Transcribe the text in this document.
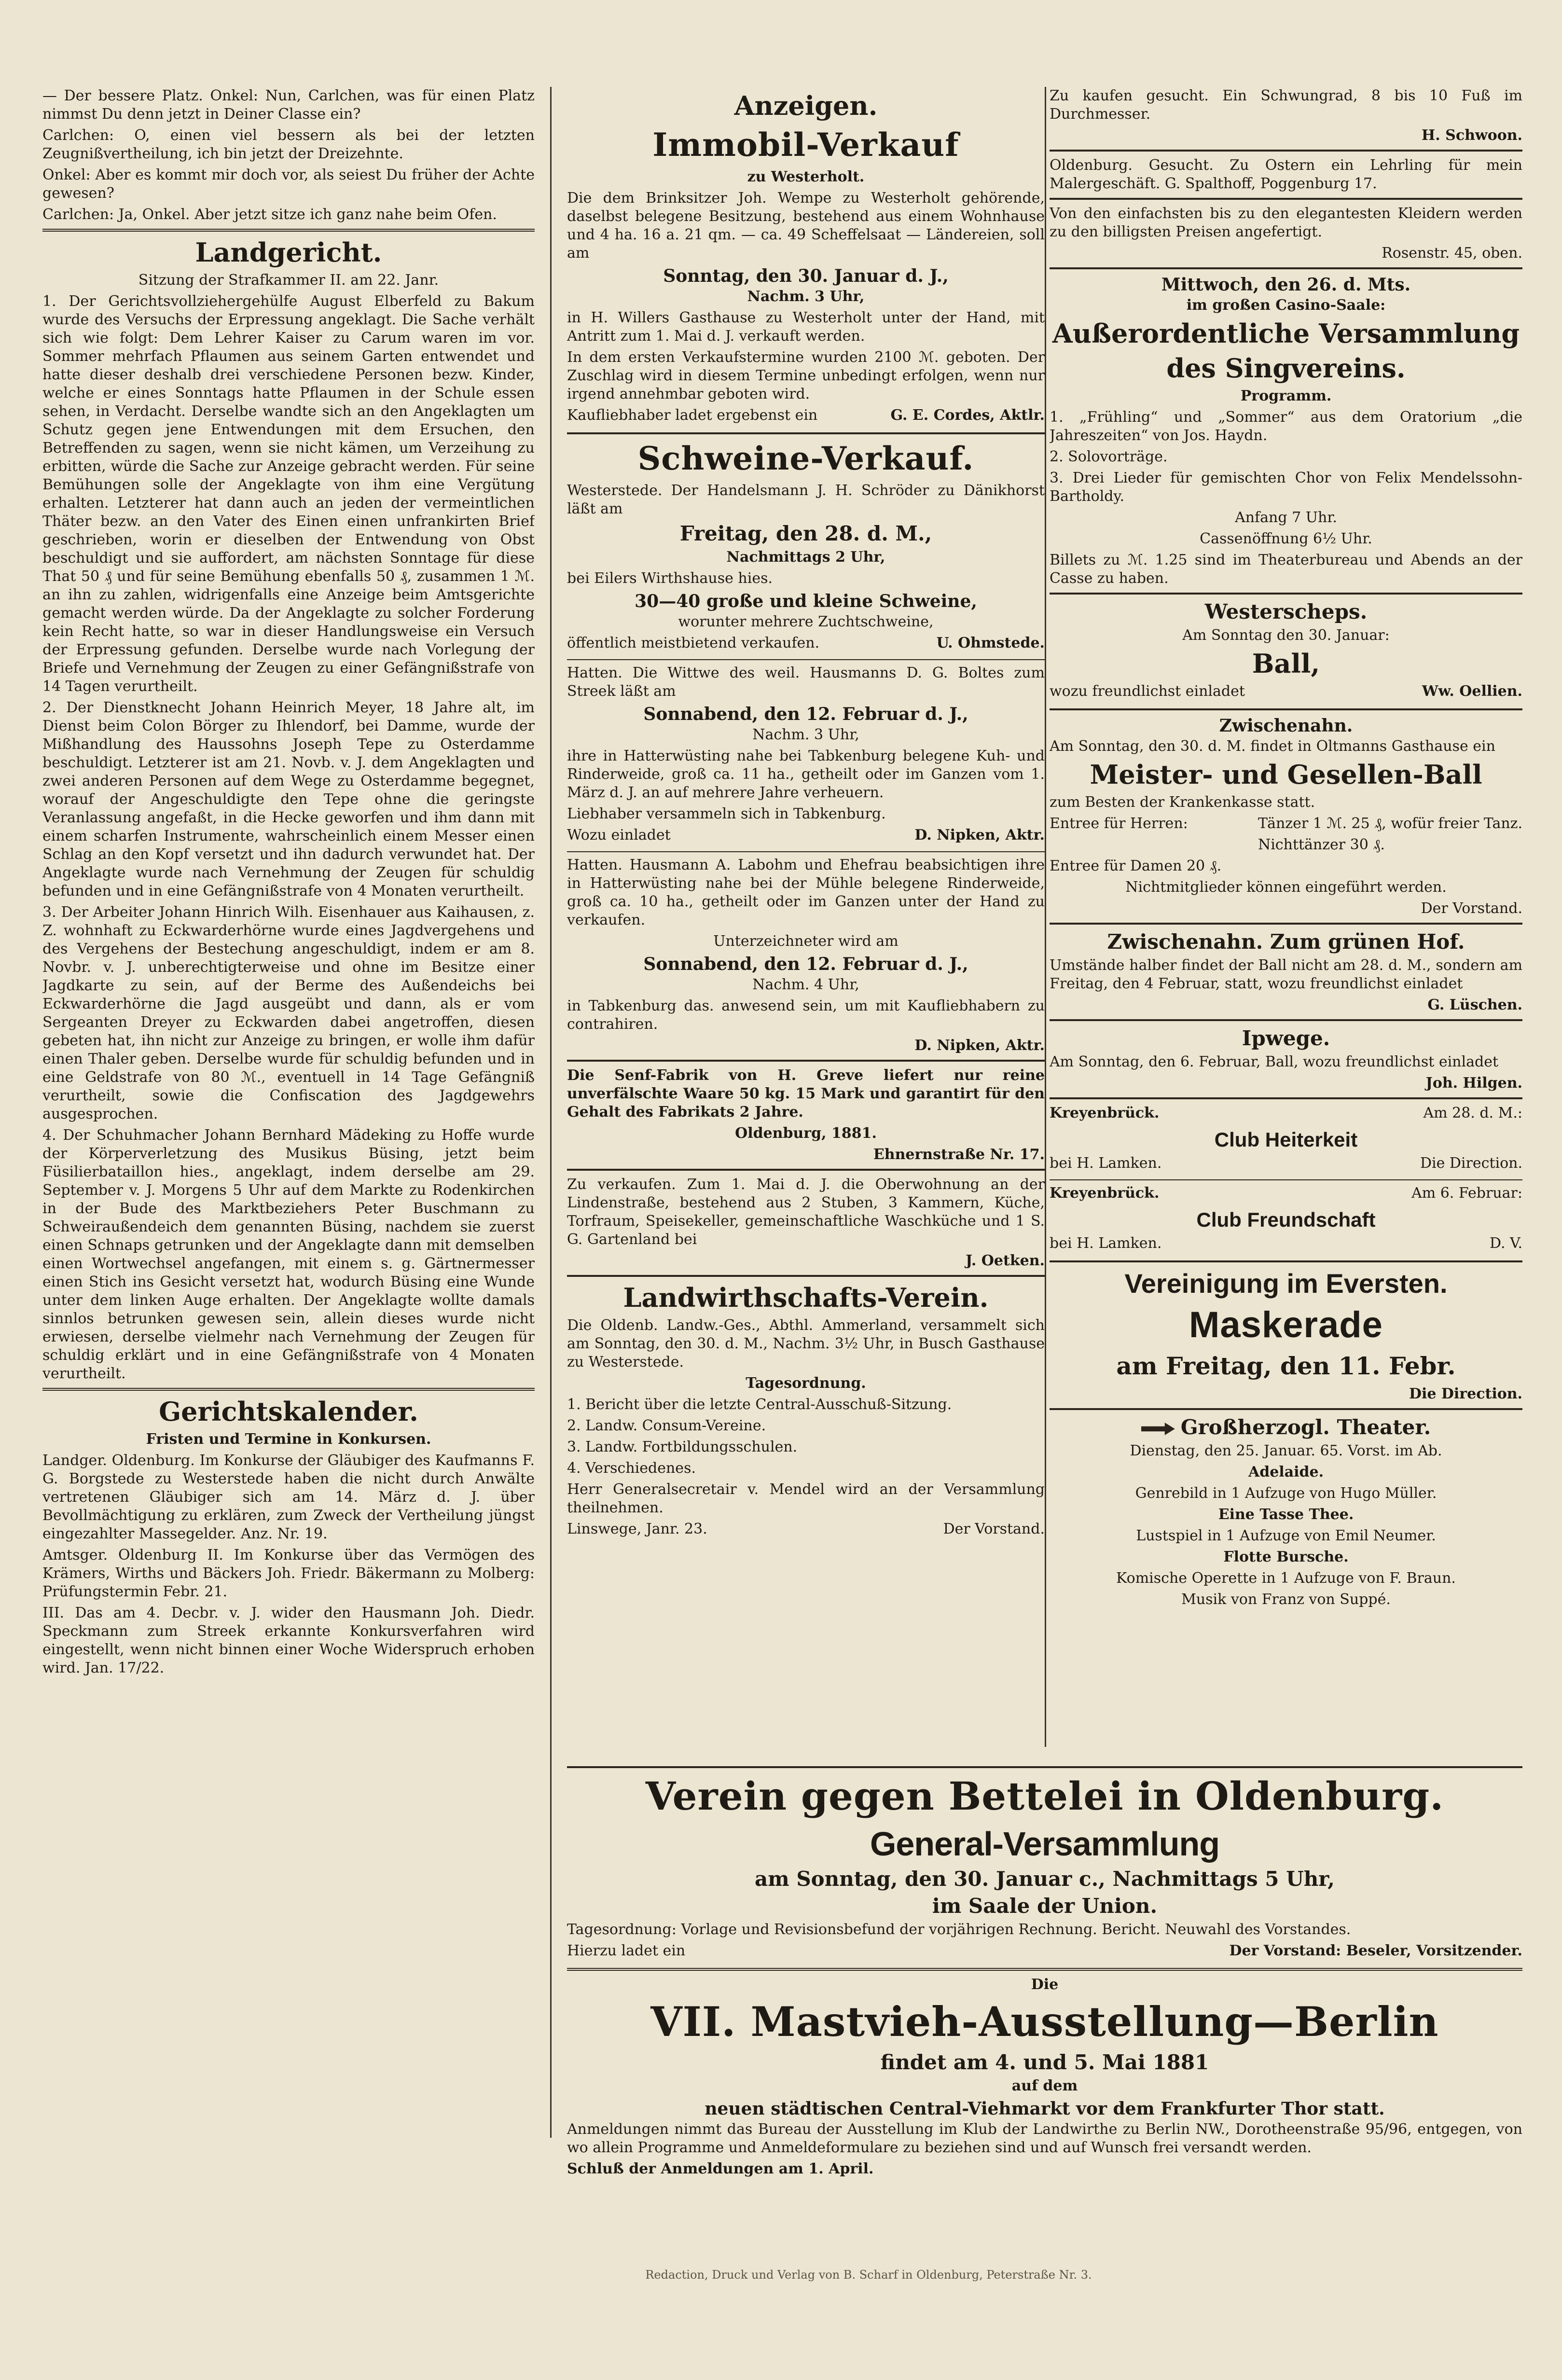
— Der bessere Platz. Onkel: Nun, Carlchen, was für einen Platz nimmst Du denn jetzt in Deiner Classe ein?

Carlchen: O, einen viel bessern als bei der letzten Zeugnißvertheilung, ich bin jetzt der Dreizehnte.

Onkel: Aber es kommt mir doch vor, als seiest Du früher der Achte gewesen?

Carlchen: Ja, Onkel. Aber jetzt sitze ich ganz nahe beim Ofen.

Landgericht.

Sitzung der Strafkammer II. am 22. Janr.

1. Der Gerichtsvollziehergehülfe August Elberfeld zu Bakum wurde des Versuchs der Erpressung angeklagt. Die Sache verhält sich wie folgt: Dem Lehrer Kaiser zu Carum waren im vor. Sommer mehrfach Pflaumen aus seinem Garten entwendet und hatte dieser deshalb drei verschiedene Personen bezw. Kinder, welche er eines Sonntags hatte Pflaumen in der Schule essen sehen, in Verdacht. Derselbe wandte sich an den Angeklagten um Schutz gegen jene Entwendungen mit dem Ersuchen, den Betreffenden zu sagen, wenn sie nicht kämen, um Verzeihung zu erbitten, würde die Sache zur Anzeige gebracht werden. Für seine Bemühungen solle der Angeklagte von ihm eine Vergütung erhalten. Letzterer hat dann auch an jeden der vermeintlichen Thäter bezw. an den Vater des Einen einen unfrankirten Brief geschrieben, worin er dieselben der Entwendung von Obst beschuldigt und sie auffordert, am nächsten Sonntage für diese That 50 ₰ und für seine Bemühung ebenfalls 50 ₰, zusammen 1 ℳ. an ihn zu zahlen, widrigenfalls eine Anzeige beim Amtsgerichte gemacht werden würde. Da der Angeklagte zu solcher Forderung kein Recht hatte, so war in dieser Handlungsweise ein Versuch der Erpressung gefunden. Derselbe wurde nach Vorlegung der Briefe und Vernehmung der Zeugen zu einer Gefängnißstrafe von 14 Tagen verurtheilt.

2. Der Dienstknecht Johann Heinrich Meyer, 18 Jahre alt, im Dienst beim Colon Börger zu Ihlendorf, bei Damme, wurde der Mißhandlung des Haussohns Joseph Tepe zu Osterdamme beschuldigt. Letzterer ist am 21. Novb. v. J. dem Angeklagten und zwei anderen Personen auf dem Wege zu Osterdamme begegnet, worauf der Angeschuldigte den Tepe ohne die geringste Veranlassung angefaßt, in die Hecke geworfen und ihm dann mit einem scharfen Instrumente, wahrscheinlich einem Messer einen Schlag an den Kopf versetzt und ihn dadurch verwundet hat. Der Angeklagte wurde nach Vernehmung der Zeugen für schuldig befunden und in eine Gefängnißstrafe von 4 Monaten verurtheilt.

3. Der Arbeiter Johann Hinrich Wilh. Eisenhauer aus Kaihausen, z. Z. wohnhaft zu Eckwarderhörne wurde eines Jagdvergehens und des Vergehens der Bestechung angeschuldigt, indem er am 8. Novbr. v. J. unberechtigterweise und ohne im Besitze einer Jagdkarte zu sein, auf der Berme des Außendeichs bei Eckwarderhörne die Jagd ausgeübt und dann, als er vom Sergeanten Dreyer zu Eckwarden dabei angetroffen, diesen gebeten hat, ihn nicht zur Anzeige zu bringen, er wolle ihm dafür einen Thaler geben. Derselbe wurde für schuldig befunden und in eine Geldstrafe von 80 ℳ., eventuell in 14 Tage Gefängniß verurtheilt, sowie die Confiscation des Jagdgewehrs ausgesprochen.

4. Der Schuhmacher Johann Bernhard Mädeking zu Hoffe wurde der Körperverletzung des Musikus Büsing, jetzt beim Füsilierbataillon hies., angeklagt, indem derselbe am 29. September v. J. Morgens 5 Uhr auf dem Markte zu Rodenkirchen in der Bude des Marktbeziehers Peter Buschmann zu Schweiraußendeich dem genannten Büsing, nachdem sie zuerst einen Schnaps getrunken und der Angeklagte dann mit demselben einen Wortwechsel angefangen, mit einem s. g. Gärtnermesser einen Stich ins Gesicht versetzt hat, wodurch Büsing eine Wunde unter dem linken Auge erhalten. Der Angeklagte wollte damals sinnlos betrunken gewesen sein, allein dieses wurde nicht erwiesen, derselbe vielmehr nach Vernehmung der Zeugen für schuldig erklärt und in eine Gefängnißstrafe von 4 Monaten verurtheilt.

Gerichtskalender.

Fristen und Termine in Konkursen.

Landger. Oldenburg. Im Konkurse der Gläubiger des Kaufmanns F. G. Borgstede zu Westerstede haben die nicht durch Anwälte vertretenen Gläubiger sich am 14. März d. J. über Bevollmächtigung zu erklären, zum Zweck der Vertheilung jüngst eingezahlter Massegelder. Anz. Nr. 19.

Amtsger. Oldenburg II. Im Konkurse über das Vermögen des Krämers, Wirths und Bäckers Joh. Friedr. Bäkermann zu Molberg: Prüfungstermin Febr. 21.

III. Das am 4. Decbr. v. J. wider den Hausmann Joh. Diedr. Speckmann zum Streek erkannte Konkursverfahren wird eingestellt, wenn nicht binnen einer Woche Widerspruch erhoben wird. Jan. 17/22.

Anzeigen.
Immobil-Verkauf

zu Westerholt.

Die dem Brinksitzer Joh. Wempe zu Westerholt gehörende, daselbst belegene Besitzung, bestehend aus einem Wohnhause und 4 ha. 16 a. 21 qm. — ca. 49 Scheffelsaat — Ländereien, soll am

Sonntag, den 30. Januar d. J.,

Nachm. 3 Uhr,

in H. Willers Gasthause zu Westerholt unter der Hand, mit Antritt zum 1. Mai d. J. verkauft werden.

In dem ersten Verkaufstermine wurden 2100 ℳ. geboten. Der Zuschlag wird in diesem Termine unbedingt erfolgen, wenn nur irgend annehmbar geboten wird.

Kaufliebhaber ladet ergebenst ein	G. E. Cordes, Aktlr.

Schweine-Verkauf.

Westerstede. Der Handelsmann J. H. Schröder zu Dänikhorst läßt am

Freitag, den 28. d. M.,

Nachmittags 2 Uhr,

bei Eilers Wirthshause hies.

30—40 große und kleine Schweine,

worunter mehrere Zuchtschweine,

öffentlich meistbietend verkaufen.	U. Ohmstede.

Hatten. Die Wittwe des weil. Hausmanns D. G. Boltes zum Streek läßt am

Sonnabend, den 12. Februar d. J.,

Nachm. 3 Uhr,

ihre in Hatterwüsting nahe bei Tabkenburg belegene Kuh- und Rinderweide, groß ca. 11 ha., getheilt oder im Ganzen vom 1. März d. J. an auf mehrere Jahre verheuern.

Liebhaber versammeln sich in Tabkenburg.

Wozu einladet	D. Nipken, Aktr.

Hatten. Hausmann A. Labohm und Ehefrau beabsichtigen ihre in Hatterwüsting nahe bei der Mühle belegene Rinderweide, groß ca. 10 ha., getheilt oder im Ganzen unter der Hand zu verkaufen.

Unterzeichneter wird am

Sonnabend, den 12. Februar d. J.,

Nachm. 4 Uhr,

in Tabkenburg das. anwesend sein, um mit Kaufliebhabern zu contrahiren.

D. Nipken, Aktr.

Die Senf-Fabrik von H. Greve liefert nur reine unverfälschte Waare 50 kg. 15 Mark und garantirt für den Gehalt des Fabrikats 2 Jahre.

Oldenburg, 1881.

Ehnernstraße Nr. 17.

Zu verkaufen. Zum 1. Mai d. J. die Oberwohnung an der Lindenstraße, bestehend aus 2 Stuben, 3 Kammern, Küche, Torfraum, Speisekeller, gemeinschaftliche Waschküche und 1 S. G. Gartenland bei

J. Oetken.

Landwirthschafts-Verein.

Die Oldenb. Landw.-Ges., Abthl. Ammerland, versammelt sich am Sonntag, den 30. d. M., Nachm. 3½ Uhr, in Busch Gasthause zu Westerstede.

Tagesordnung.

1. Bericht über die letzte Central-Ausschuß-Sitzung.

2. Landw. Consum-Vereine.

3. Landw. Fortbildungsschulen.

4. Verschiedenes.

Herr Generalsecretair v. Mendel wird an der Versammlung theilnehmen.

Linswege, Janr. 23.	Der Vorstand.

Zu kaufen gesucht. Ein Schwungrad, 8 bis 10 Fuß im Durchmesser.

H. Schwoon.

Oldenburg. Gesucht. Zu Ostern ein Lehrling für mein Malergeschäft. G. Spalthoff, Poggenburg 17.

Von den einfachsten bis zu den elegantesten Kleidern werden zu den billigsten Preisen angefertigt.

Rosenstr. 45, oben.

Mittwoch, den 26. d. Mts.

im großen Casino-Saale:

Außerordentliche Versammlung
des Singvereins.

Programm.

1. „Frühling“ und „Sommer“ aus dem Oratorium „die Jahreszeiten“ von Jos. Haydn.

2. Solovorträge.

3. Drei Lieder für gemischten Chor von Felix Mendelssohn-Bartholdy.

Anfang 7 Uhr.

Cassenöffnung 6½ Uhr.

Billets zu ℳ. 1.25 sind im Theaterbureau und Abends an der Casse zu haben.

Westerscheps.

Am Sonntag den 30. Januar:

Ball,

wozu freundlichst einladet	Ww. Oellien.

Zwischenahn.

Am Sonntag, den 30. d. M. findet in Oltmanns Gasthause ein

Meister- und Gesellen-Ball

zum Besten der Krankenkasse statt.

Entree für Herren:	Tänzer 1 ℳ. 25 ₰, wofür freier Tanz.

Nichttänzer 30 ₰.

Entree für Damen 20 ₰.

Nichtmitglieder können eingeführt werden.

Der Vorstand.

Zwischenahn. Zum grünen Hof.

Umstände halber findet der Ball nicht am 28. d. M., sondern am Freitag, den 4 Februar, statt, wozu freundlichst einladet

G. Lüschen.

Ipwege.

Am Sonntag, den 6. Februar, Ball, wozu freundlichst einladet

Joh. Hilgen.

Kreyenbrück.	Am 28. d. M.:

Club Heiterkeit

bei H. Lamken.	Die Direction.

Kreyenbrück.	Am 6. Februar:

Club Freundschaft

bei H. Lamken.	D. V.

Vereinigung im Eversten.
Maskerade
am Freitag, den 11. Febr.

Die Direction.

Großherzogl. Theater.

Dienstag, den 25. Januar. 65. Vorst. im Ab.

Adelaide.

Genrebild in 1 Aufzuge von Hugo Müller.

Eine Tasse Thee.

Lustspiel in 1 Aufzuge von Emil Neumer.

Flotte Bursche.

Komische Operette in 1 Aufzuge von F. Braun.

Musik von Franz von Suppé.

Verein gegen Bettelei in Oldenburg.
General-Versammlung
am Sonntag, den 30. Januar c., Nachmittags 5 Uhr,
im Saale der Union.

Tagesordnung: Vorlage und Revisionsbefund der vorjährigen Rechnung. Bericht. Neuwahl des Vorstandes.

Hierzu ladet ein	Der Vorstand: Beseler, Vorsitzender.

Die

VII. Mastvieh-Ausstellung—Berlin
findet am 4. und 5. Mai 1881

auf dem

neuen städtischen Central-Viehmarkt vor dem Frankfurter Thor statt.

Anmeldungen nimmt das Bureau der Ausstellung im Klub der Landwirthe zu Berlin NW., Dorotheenstraße 95/96, entgegen, von wo allein Programme und Anmeldeformulare zu beziehen sind und auf Wunsch frei versandt werden.

Schluß der Anmeldungen am 1. April.

Redaction, Druck und Verlag von B. Scharf in Oldenburg, Peterstraße Nr. 3.
